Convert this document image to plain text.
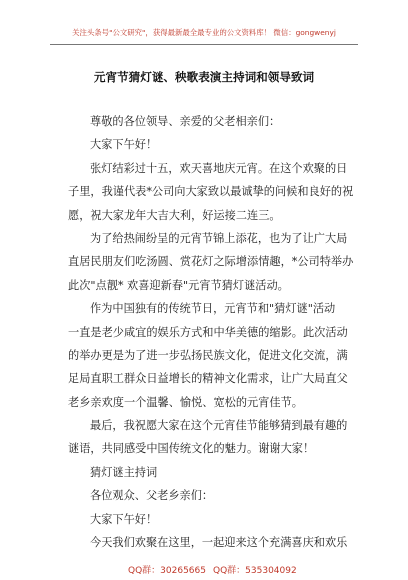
关注头条号"公文研究"，获得最新最全最专业的公文资料库！ 微信：gongwenyj
元宵节猜灯谜、秧歌表演主持词和领导致词
尊敬的各位领导、亲爱的父老相亲们：
大家下午好！
张灯结彩过十五，欢天喜地庆元宵。在这个欢聚的日
子里，我谨代表*公司向大家致以最诚挚的问候和良好的祝
愿，祝大家龙年大吉大利，好运接二连三。
为了给热闹纷呈的元宵节锦上添花，也为了让广大局
直居民朋友们吃汤圆、赏花灯之际增添情趣，*公司特举办
此次"点靓* 欢喜迎新春"元宵节猜灯谜活动。
作为中国独有的传统节日，元宵节和"猜灯谜"活动
一直是老少咸宜的娱乐方式和中华美德的缩影。此次活动
的举办更是为了进一步弘扬民族文化，促进文化交流，满
足局直职工群众日益增长的精神文化需求，让广大局直父
老乡亲欢度一个温馨、愉悦、宽松的元宵佳节。
最后，我祝愿大家在这个元宵佳节能够猜到最有趣的
谜语，共同感受中国传统文化的魅力。谢谢大家！
猜灯谜主持词
各位观众、父老乡亲们：
大家下午好！
今天我们欢聚在这里，一起迎来这个充满喜庆和欢乐
QQ群：30265665 QQ群：535304092
